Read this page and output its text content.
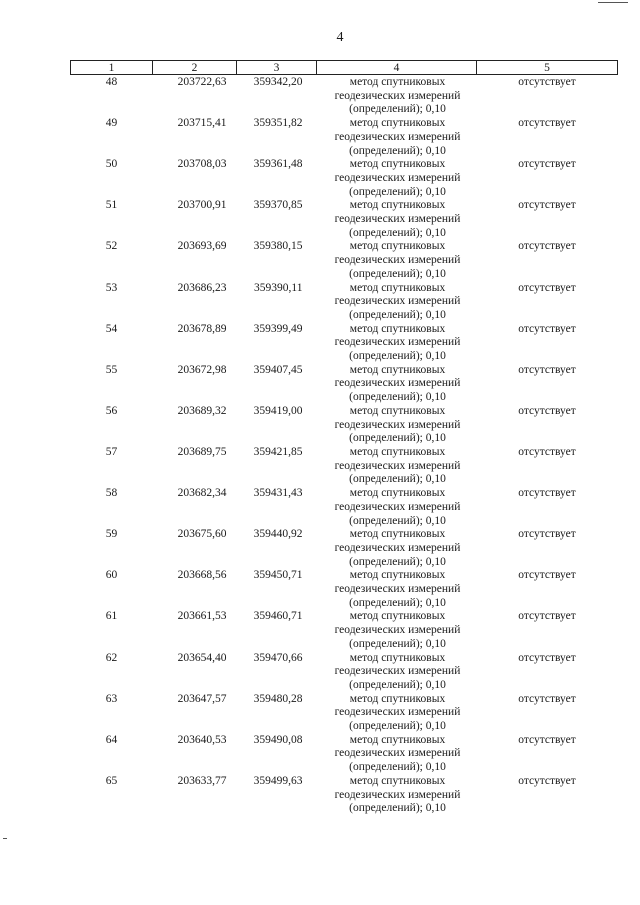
4
1	2	3	4	5
48	203722,63	359342,20	метод спутниковых
геодезических измерений
(определений); 0,10	отсутствует
49	203715,41	359351,82	метод спутниковых
геодезических измерений
(определений); 0,10	отсутствует
50	203708,03	359361,48	метод спутниковых
геодезических измерений
(определений); 0,10	отсутствует
51	203700,91	359370,85	метод спутниковых
геодезических измерений
(определений); 0,10	отсутствует
52	203693,69	359380,15	метод спутниковых
геодезических измерений
(определений); 0,10	отсутствует
53	203686,23	359390,11	метод спутниковых
геодезических измерений
(определений); 0,10	отсутствует
54	203678,89	359399,49	метод спутниковых
геодезических измерений
(определений); 0,10	отсутствует
55	203672,98	359407,45	метод спутниковых
геодезических измерений
(определений); 0,10	отсутствует
56	203689,32	359419,00	метод спутниковых
геодезических измерений
(определений); 0,10	отсутствует
57	203689,75	359421,85	метод спутниковых
геодезических измерений
(определений); 0,10	отсутствует
58	203682,34	359431,43	метод спутниковых
геодезических измерений
(определений); 0,10	отсутствует
59	203675,60	359440,92	метод спутниковых
геодезических измерений
(определений); 0,10	отсутствует
60	203668,56	359450,71	метод спутниковых
геодезических измерений
(определений); 0,10	отсутствует
61	203661,53	359460,71	метод спутниковых
геодезических измерений
(определений); 0,10	отсутствует
62	203654,40	359470,66	метод спутниковых
геодезических измерений
(определений); 0,10	отсутствует
63	203647,57	359480,28	метод спутниковых
геодезических измерений
(определений); 0,10	отсутствует
64	203640,53	359490,08	метод спутниковых
геодезических измерений
(определений); 0,10	отсутствует
65	203633,77	359499,63	метод спутниковых
геодезических измерений
(определений); 0,10	отсутствует
